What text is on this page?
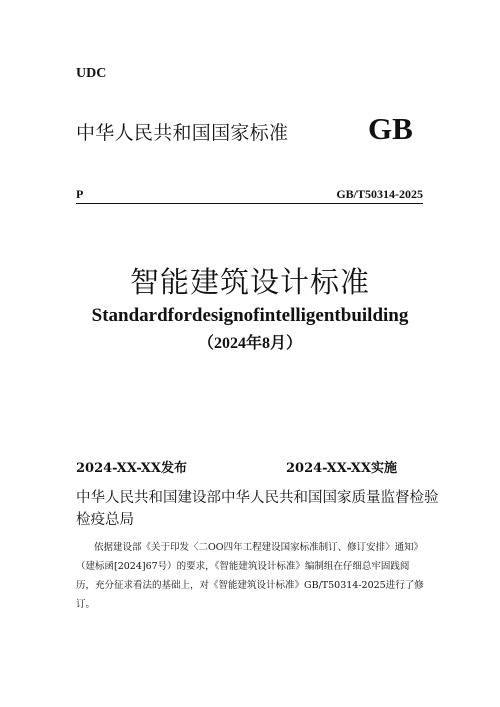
UDC
中华人民共和国国家标准	GB
P	GB/T50314-2025
智能建筑设计标准
Standardfordesignofintelligentbuilding
（2024年8月）
2024-XX-XX发布	2024-XX-XX实施
中华人民共和国建设部中华人民共和国国家质量监督检验检疫总局
依据建设部《关于印发〈二OO四年工程建设国家标准制订、修订安排〉通知》（建标函[2024]67号）的要求，《智能建筑设计标准》编制组在仔细总牢固践阅历，充分征求看法的基础上，对《智能建筑设计标准》GB/T50314-2025进行了修订。
